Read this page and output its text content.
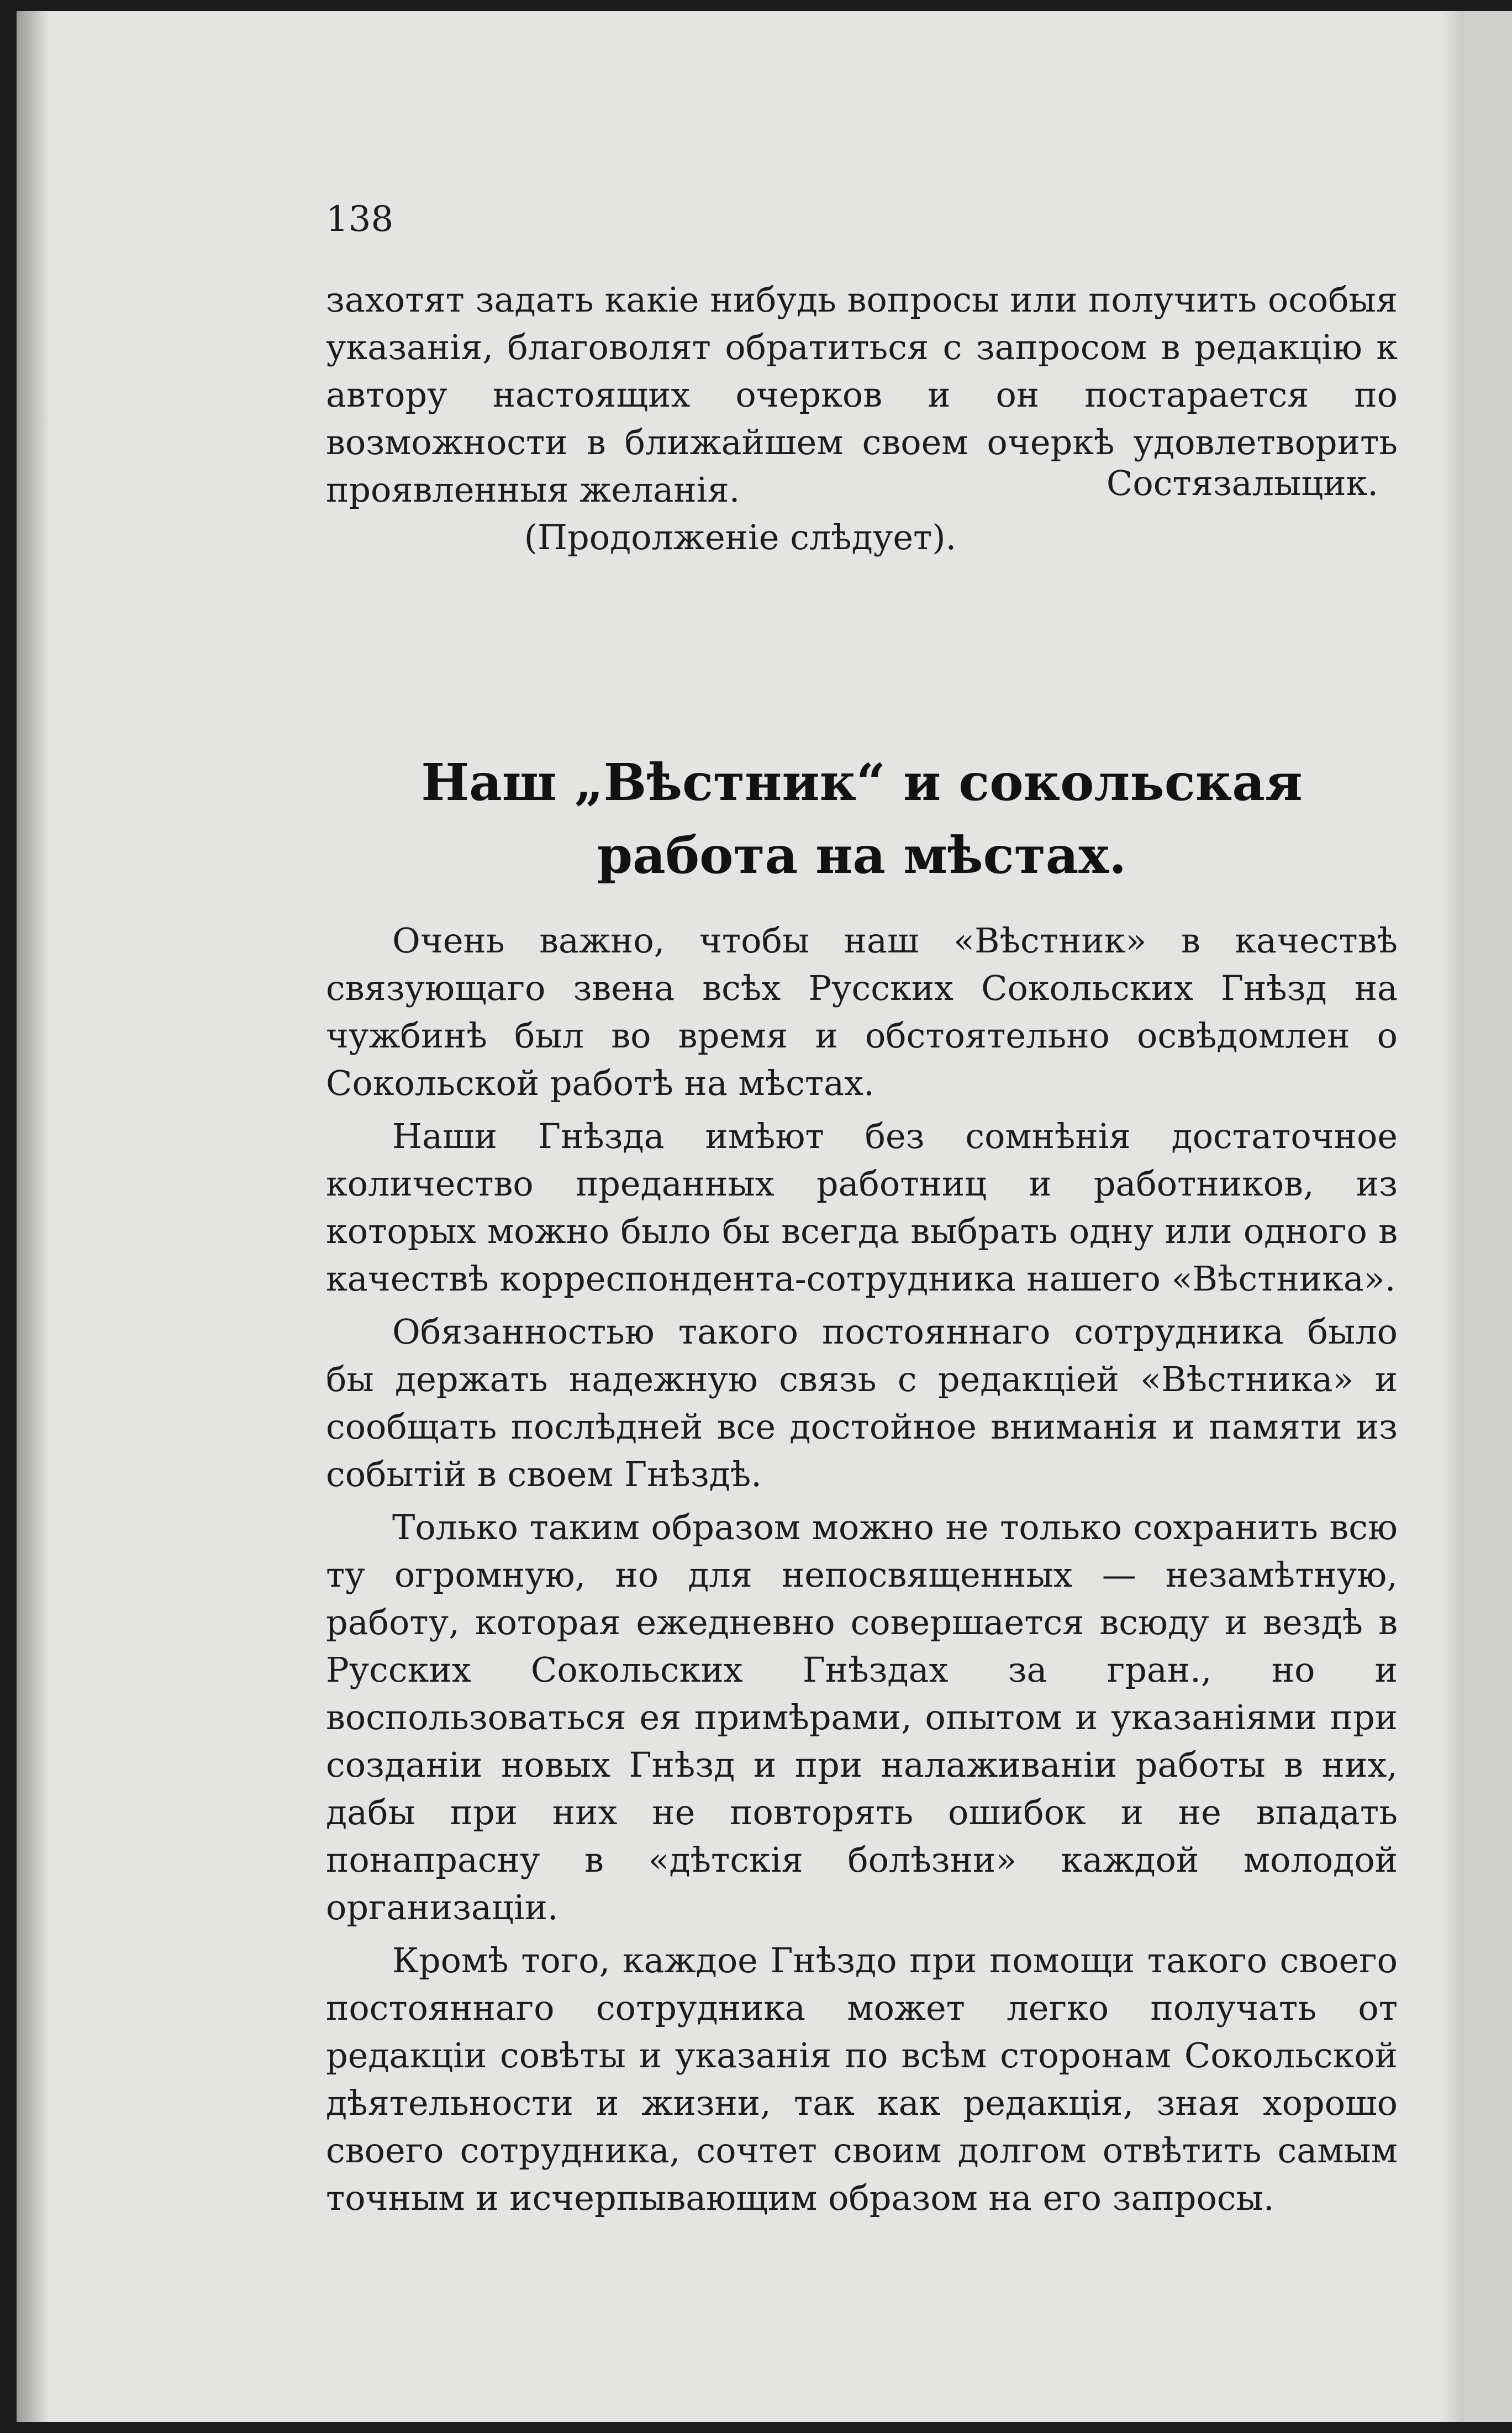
138
захотят задать какіе нибудь вопросы или получить особыя указанія, благоволят обратиться с запросом в редакцію к автору настоящих очерков и он постарается по возможности в ближайшем своем очеркѣ удовлетворить проявленныя желанія.	Состязалыцик.
(Продолженіе слѣдует).
Наш „Вѣстник“ и сокольская работа на мѣстах.

Очень важно, чтобы наш «Вѣстник» в качествѣ связующаго звена всѣх Русских Сокольских Гнѣзд на чужбинѣ был во время и обстоятельно освѣдомлен о Сокольской работѣ на мѣстах.

Наши Гнѣзда имѣют без сомнѣнія достаточное количество преданных работниц и работников, из которых можно было бы всегда выбрать одну или одного в качествѣ корреспондента-сотрудника нашего «Вѣстника».

Обязанностью такого постояннаго сотрудника было бы держать надежную связь с редакціей «Вѣстника» и сообщать послѣдней все достойное вниманія и памяти из событій в своем Гнѣздѣ.

Только таким образом можно не только сохранить всю ту огромную, но для непосвященных — незамѣтную, работу, которая ежедневно совершается всюду и вездѣ в Русских Сокольских Гнѣздах за гран., но и воспользоваться ея примѣрами, опытом и указаніями при созданіи новых Гнѣзд и при налаживаніи работы в них, дабы при них не повторять ошибок и не впадать понапрасну в «дѣтскія болѣзни» каждой молодой организаціи.

Кромѣ того, каждое Гнѣздо при помощи такого своего постояннаго сотрудника может легко получать от редакціи совѣты и указанія по всѣм сторонам Сокольской дѣятельности и жизни, так как редакція, зная хорошо своего сотрудника, сочтет своим долгом отвѣтить самым точным и исчерпывающим образом на его запросы.
